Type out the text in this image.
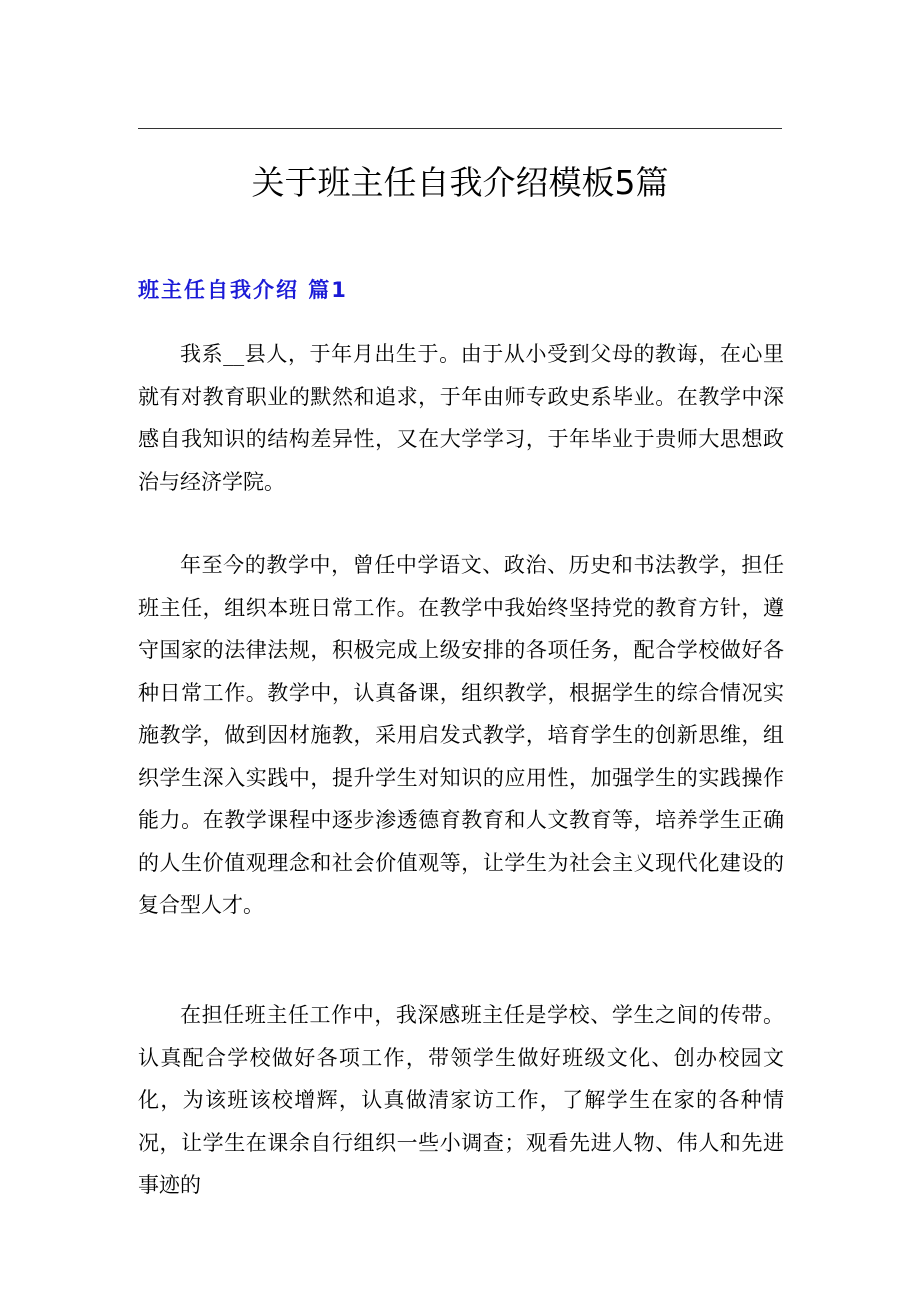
关于班主任自我介绍模板5篇
班主任自我介绍 篇1
我系__县人，于年月出生于。由于从小受到父母的教诲，在心里就有对教育职业的默然和追求，于年由师专政史系毕业。在教学中深感自我知识的结构差异性，又在大学学习，于年毕业于贵师大思想政治与经济学院。
年至今的教学中，曾任中学语文、政治、历史和书法教学，担任班主任，组织本班日常工作。在教学中我始终坚持党的教育方针，遵守国家的法律法规，积极完成上级安排的各项任务，配合学校做好各种日常工作。教学中，认真备课，组织教学，根据学生的综合情况实施教学，做到因材施教，采用启发式教学，培育学生的创新思维，组织学生深入实践中，提升学生对知识的应用性，加强学生的实践操作能力。在教学课程中逐步渗透德育教育和人文教育等，培养学生正确的人生价值观理念和社会价值观等，让学生为社会主义现代化建设的复合型人才。
在担任班主任工作中，我深感班主任是学校、学生之间的传带。认真配合学校做好各项工作，带领学生做好班级文化、创办校园文化，为该班该校增辉，认真做清家访工作，了解学生在家的各种情况，让学生在课余自行组织一些小调查；观看先进人物、伟人和先进事迹的
